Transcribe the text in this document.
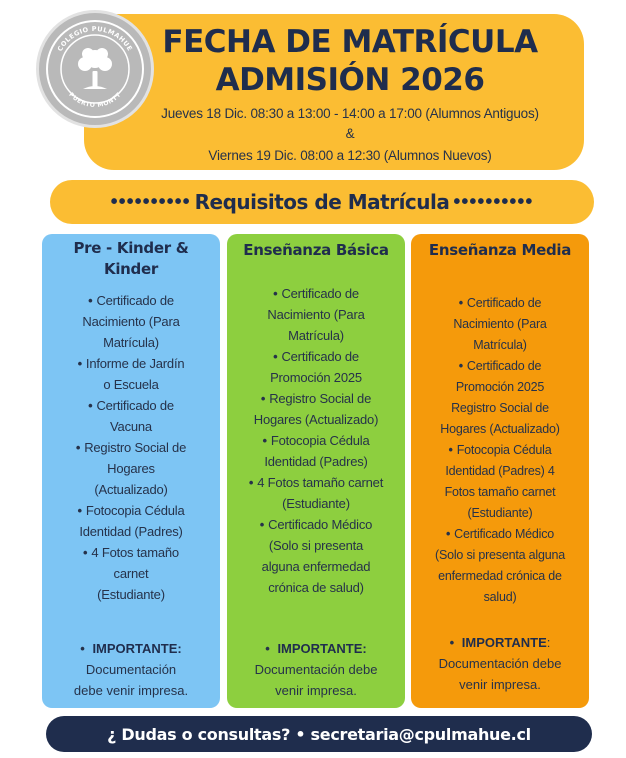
COLEGIO PULMAHUE
PUERTO MONTT
FECHA DE MATRÍCULA
ADMISIÓN 2026
Jueves 18 Dic. 08:30 a 13:00 - 14:00 a 17:00 (Alumnos Antiguos)
&
Viernes 19 Dic. 08:00 a 12:30 (Alumnos Nuevos)
•••••••••• Requisitos de Matrícula ••••••••••
Pre - Kinder &
Kinder
• Certificado de
Nacimiento (Para
Matrícula)
• Informe de Jardín
o Escuela
• Certificado de
Vacuna
• Registro Social de
Hogares
(Actualizado)
• Fotocopia Cédula
Identidad (Padres)
• 4 Fotos tamaño
carnet
(Estudiante)
• IMPORTANTE:
Documentación
debe venir impresa.
Enseñanza Básica
• Certificado de
Nacimiento (Para
Matrícula)
• Certificado de
Promoción 2025
• Registro Social de
Hogares (Actualizado)
• Fotocopia Cédula
Identidad (Padres)
• 4 Fotos tamaño carnet
(Estudiante)
• Certificado Médico
(Solo si presenta
alguna enfermedad
crónica de salud)
• IMPORTANTE:
Documentación debe
venir impresa.
Enseñanza Media
• Certificado de
Nacimiento (Para
Matrícula)
• Certificado de
Promoción 2025
Registro Social de
Hogares (Actualizado)
• Fotocopia Cédula
Identidad (Padres) 4
Fotos tamaño carnet
(Estudiante)
• Certificado Médico
(Solo si presenta alguna
enfermedad crónica de
salud)
• IMPORTANTE:
Documentación debe
venir impresa.
¿ Dudas o consultas? • secretaria@cpulmahue.cl
